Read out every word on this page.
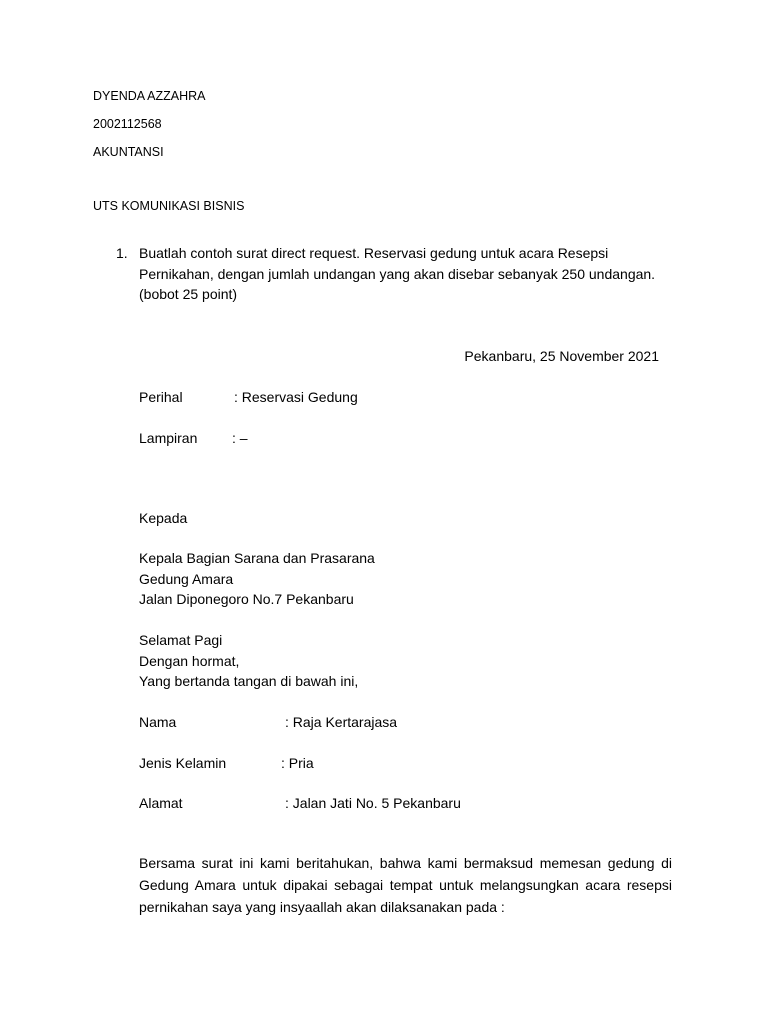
DYENDA AZZAHRA
2002112568
AKUNTANSI
UTS KOMUNIKASI BISNIS
1. Buatlah contoh surat direct request. Reservasi gedung untuk acara Resepsi
Pernikahan, dengan jumlah undangan yang akan disebar sebanyak 250 undangan.
(bobot 25 point)
Pekanbaru, 25 November 2021
Perihal	: Reservasi Gedung
Lampiran : –
Kepada
Kepala Bagian Sarana dan Prasarana
Gedung Amara
Jalan Diponegoro No.7 Pekanbaru
Selamat Pagi
Dengan hormat,
Yang bertanda tangan di bawah ini,
Nama	: Raja Kertarajasa
Jenis Kelamin	: Pria
Alamat	: Jalan Jati No. 5 Pekanbaru
Bersama surat ini kami beritahukan, bahwa kami bermaksud memesan gedung di
Gedung Amara untuk dipakai sebagai tempat untuk melangsungkan acara resepsi
pernikahan saya yang insyaallah akan dilaksanakan pada :
